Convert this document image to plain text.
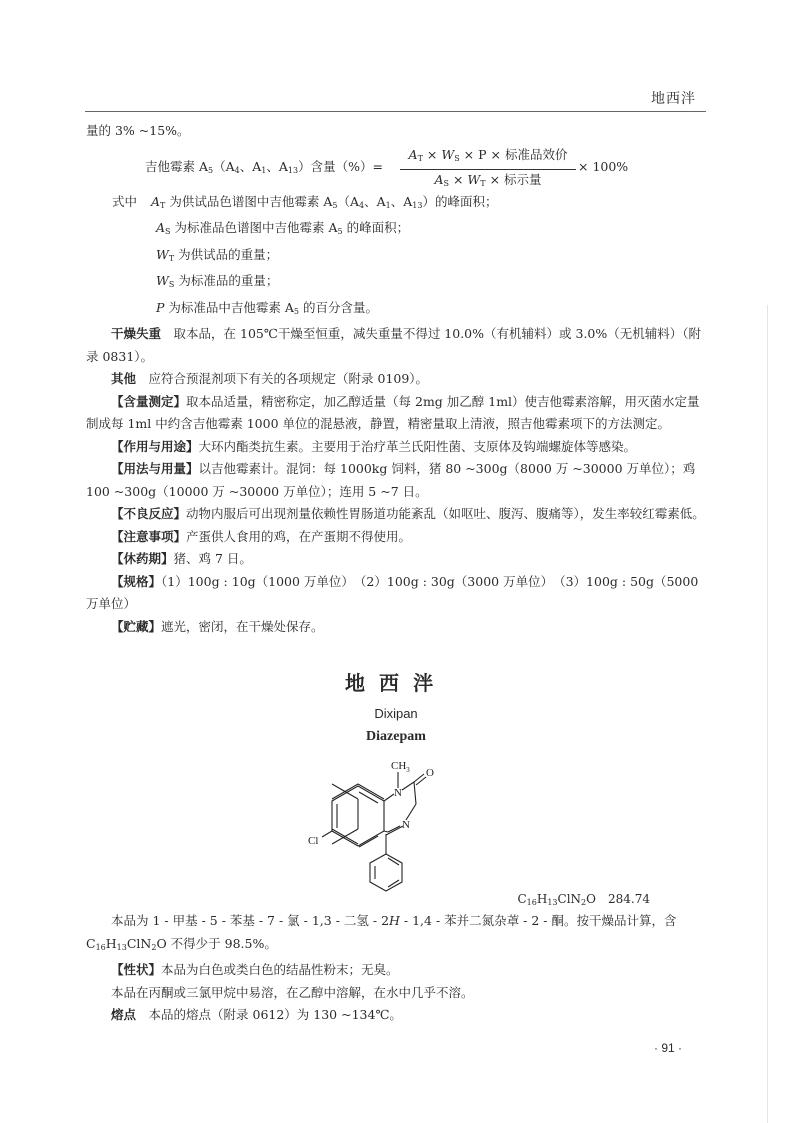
地西泮

量的 3% ~15%。

吉他霉素 $A_5(A_4$、$A_1$、$A_{13}$）含量（%）=
$A_T \times W_S \times P$ × 标准品效价
$A_S \times W_T$ × 标示量
× 100%

式中 $A_T$ 为供试品色谱图中吉他霉素 $A_5(A_4$、$A_1$、$A_{13}$）的峰面积；

$A_S$ 为标准品色谱图中吉他霉素 $A_5$ 的峰面积；

$W_T$ 为供试品的重量；

$W_S$ 为标准品的重量；

P 为标准品中吉他霉素 $A_5$ 的百分含量。

干燥失重　取本品，在 105℃干燥至恒重，减失重量不得过 10.0%（有机辅料）或 3.0%（无机辅料）（附录 0831）。

其他　应符合预混剂项下有关的各项规定（附录 0109）。

【含量测定】取本品适量，精密称定，加乙醇适量（每 2mg 加乙醇 1ml）使吉他霉素溶解，用灭菌水定量制成每 1ml 中约含吉他霉素 1000 单位的混悬液，静置，精密量取上清液，照吉他霉素项下的方法测定。

【作用与用途】大环内酯类抗生素。主要用于治疗革兰氏阳性菌、支原体及钩端螺旋体等感染。

【用法与用量】以吉他霉素计。混饲：每 1000kg 饲料，猪 80 ~300g（8000 万 ~30000 万单位）；鸡 100 ~300g（10000 万 ~30000 万单位）；连用 5 ~7 日。

【不良反应】动物内服后可出现剂量依赖性胃肠道功能紊乱（如呕吐、腹泻、腹痛等），发生率较红霉素低。

【注意事项】产蛋供人食用的鸡，在产蛋期不得使用。

【休药期】猪、鸡 7 日。

【规格】（1）100g : 10g（1000 万单位）　（2）100g : 30g（3000 万单位）　（3）100g : 50g（5000 万单位）

【贮藏】遮光，密闭，在干燥处保存。

地西泮
Dixipan
Diazepam
$CH_3$ O
N
N
Cl
$C_{16}H_{13}ClN_2O$　 284.74

本品为 1 - 甲基 - 5 - 苯基 - 7 - 氯 - 1,3 - 二氢 - 2H - 1,4 - 苯并二氮杂䓬 - 2 - 酮。按干燥品计算，含$C_{16}H_{13}ClN_2O$ 不得少于 98.5%。

【性状】本品为白色或类白色的结晶性粉末；无臭。

本品在丙酮或三氯甲烷中易溶，在乙醇中溶解，在水中几乎不溶。

熔点　本品的熔点（附录 0612）为 130 ~134℃。

· 91 ·
